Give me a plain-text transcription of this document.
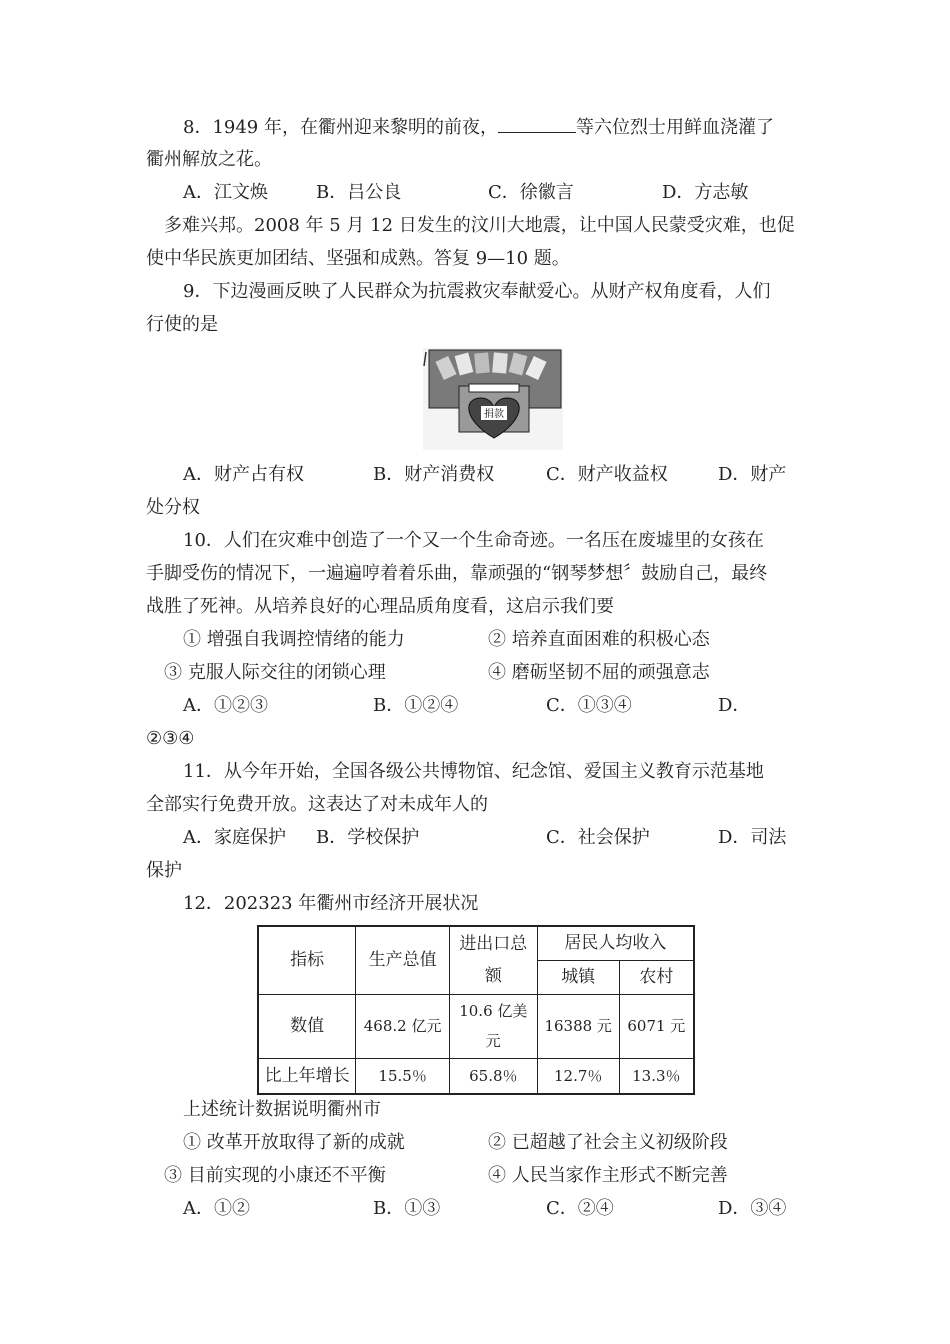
8．1949 年，在衢州迎来黎明的前夜，	等六位烈士用鲜血浇灌了
衢州解放之花。
A．江文焕	B．吕公良	C．徐徽言	D．方志敏
多难兴邦。2008 年 5 月 12 日发生的汶川大地震，让中国人民蒙受灾难，也促
使中华民族更加团结、坚强和成熟。答复 9—10 题。
9．下边漫画反映了人民群众为抗震救灾奉献爱心。从财产权角度看，人们
行使的是
捐款
A．财产占有权	B．财产消费权	C．财产收益权	D．财产
处分权
10．人们在灾难中创造了一个又一个生命奇迹。一名压在废墟里的女孩在
手脚受伤的情况下，一遍遍哼着着乐曲，靠顽强的“钢琴梦想〞鼓励自己，最终
战胜了死神。从培养良好的心理品质角度看，这启示我们要
① 增强自我调控情绪的能力	② 培养直面困难的积极心态
③ 克服人际交往的闭锁心理	④ 磨砺坚韧不屈的顽强意志
A．①②③	B．①②④	C．①③④	D．
②③④
11．从今年开始，全国各级公共博物馆、纪念馆、爱国主义教育示范基地
全部实行免费开放。这表达了对未成年人的
A．家庭保护 B．学校保护	C．社会保护	D．司法
保护
12．202323 年衢州市经济开展状况
指标	生产总值	进出口总额	居民人均收入	
			城镇	农村
数值	468.2 亿元	10.6 亿美元	16388 元	6071 元
比上年增长	15.5％	65.8％	12.7％	13.3％
上述统计数据说明衢州市
① 改革开放取得了新的成就	② 已超越了社会主义初级阶段
③ 目前实现的小康还不平衡	④ 人民当家作主形式不断完善
A．①②	B．①③	C．②④	D．③④
